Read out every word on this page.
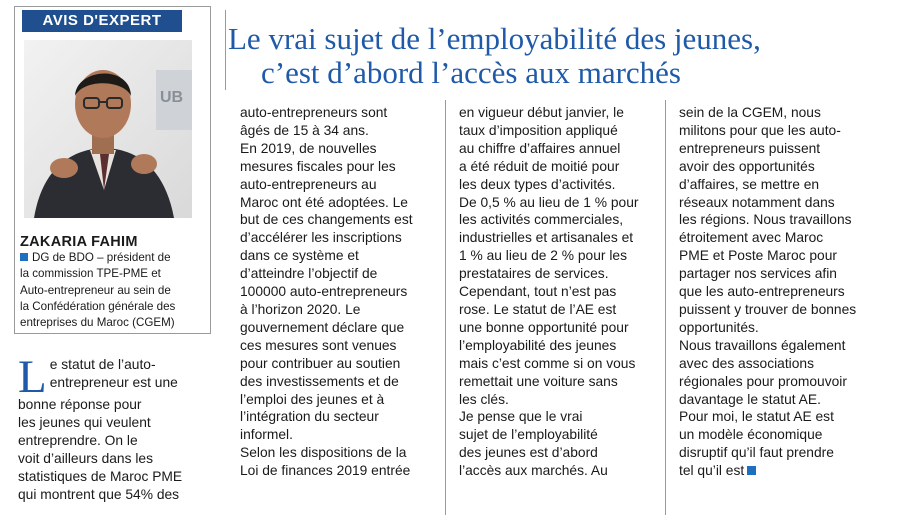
AVIS D'EXPERT
UB
ZAKARIA FAHIM
DG de BDO – président de
la commission TPE-PME et
Auto-entrepreneur au sein de
la Confédération générale des
entreprises du Maroc (CGEM)
Le vrai sujet de l’employabilité des jeunes,
c’est d’abord l’accès aux marchés
L e statut de l’auto-
entrepreneur est une
bonne réponse pour
les jeunes qui veulent
entreprendre. On le
voit d’ailleurs dans les
statistiques de Maroc PME
qui montrent que 54% des
auto-entrepreneurs sont
âgés de 15 à 34 ans.
En 2019, de nouvelles
mesures fiscales pour les
auto-entrepreneurs au
Maroc ont été adoptées. Le
but de ces changements est
d’accélérer les inscriptions
dans ce système et
d’atteindre l’objectif de
100000 auto-entrepreneurs
à l’horizon 2020. Le
gouvernement déclare que
ces mesures sont venues
pour contribuer au soutien
des investissements et de
l’emploi des jeunes et à
l’intégration du secteur
informel.
Selon les dispositions de la
Loi de finances 2019 entrée
en vigueur début janvier, le
taux d’imposition appliqué
au chiffre d’affaires annuel
a été réduit de moitié pour
les deux types d’activités.
De 0,5 % au lieu de 1 % pour
les activités commerciales,
industrielles et artisanales et
1 % au lieu de 2 % pour les
prestataires de services.
Cependant, tout n’est pas
rose. Le statut de l’AE est
une bonne opportunité pour
l’employabilité des jeunes
mais c’est comme si on vous
remettait une voiture sans
les clés.
Je pense que le vrai
sujet de l’employabilité
des jeunes est d’abord
l’accès aux marchés. Au
sein de la CGEM, nous
militons pour que les auto-
entrepreneurs puissent
avoir des opportunités
d’affaires, se mettre en
réseaux notamment dans
les régions. Nous travaillons
étroitement avec Maroc
PME et Poste Maroc pour
partager nos services afin
que les auto-entrepreneurs
puissent y trouver de bonnes
opportunités.
Nous travaillons également
avec des associations
régionales pour promouvoir
davantage le statut AE.
Pour moi, le statut AE est
un modèle économique
disruptif qu’il faut prendre
tel qu’il est
